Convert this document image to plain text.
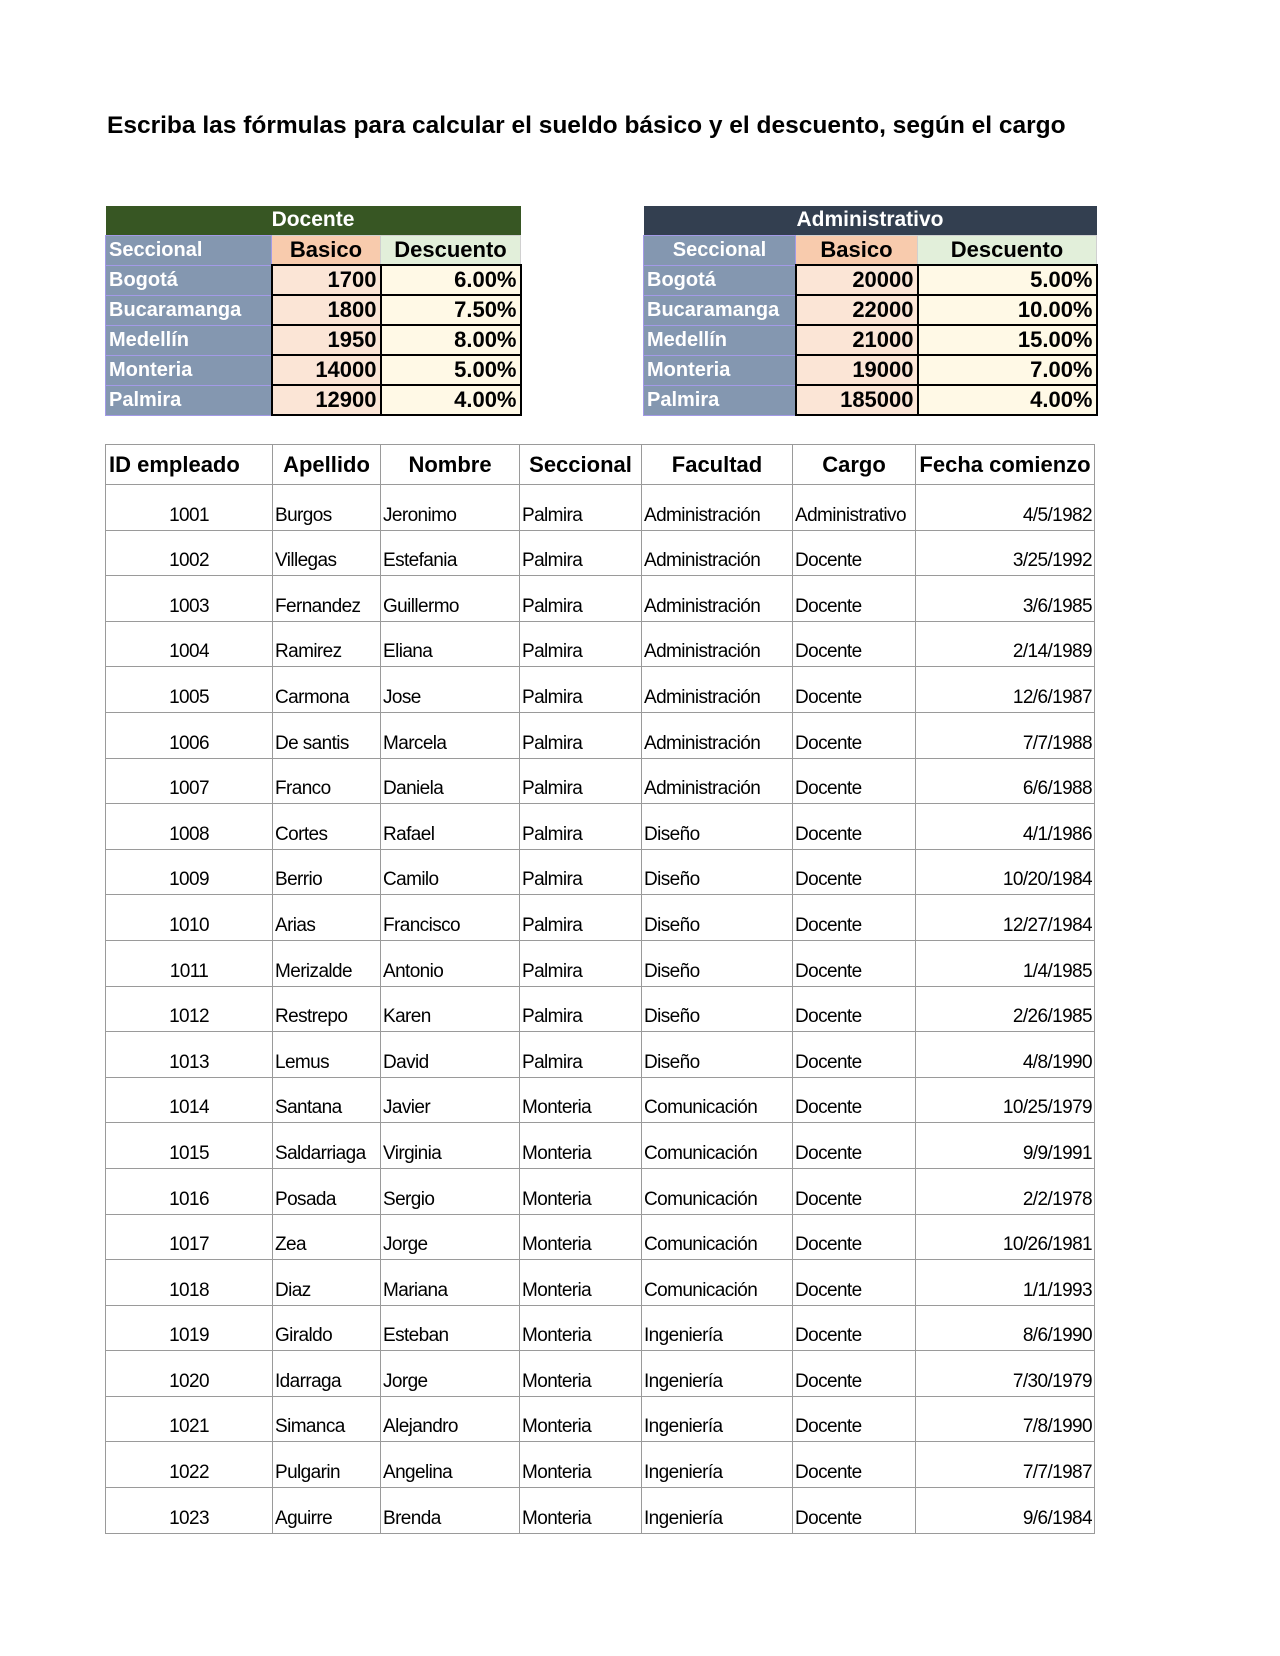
Escriba las fórmulas para calcular el sueldo básico y el descuento, según el cargo
Docente		
Seccional	Basico	Descuento
Bogotá	1700	6.00%
Bucaramanga	1800	7.50%
Medellín	1950	8.00%
Monteria	14000	5.00%
Palmira	12900	4.00%
Administrativo		
Seccional	Basico	Descuento
Bogotá	20000	5.00%
Bucaramanga	22000	10.00%
Medellín	21000	15.00%
Monteria	19000	7.00%
Palmira	185000	4.00%
ID empleado	Apellido	Nombre	Seccional	Facultad	Cargo	Fecha comienzo
1001	Burgos	Jeronimo	Palmira	Administración	Administrativo	4/5/1982
1002	Villegas	Estefania	Palmira	Administración	Docente	3/25/1992
1003	Fernandez	Guillermo	Palmira	Administración	Docente	3/6/1985
1004	Ramirez	Eliana	Palmira	Administración	Docente	2/14/1989
1005	Carmona	Jose	Palmira	Administración	Docente	12/6/1987
1006	De santis	Marcela	Palmira	Administración	Docente	7/7/1988
1007	Franco	Daniela	Palmira	Administración	Docente	6/6/1988
1008	Cortes	Rafael	Palmira	Diseño	Docente	4/1/1986
1009	Berrio	Camilo	Palmira	Diseño	Docente	10/20/1984
1010	Arias	Francisco	Palmira	Diseño	Docente	12/27/1984
1011	Merizalde	Antonio	Palmira	Diseño	Docente	1/4/1985
1012	Restrepo	Karen	Palmira	Diseño	Docente	2/26/1985
1013	Lemus	David	Palmira	Diseño	Docente	4/8/1990
1014	Santana	Javier	Monteria	Comunicación	Docente	10/25/1979
1015	Saldarriaga	Virginia	Monteria	Comunicación	Docente	9/9/1991
1016	Posada	Sergio	Monteria	Comunicación	Docente	2/2/1978
1017	Zea	Jorge	Monteria	Comunicación	Docente	10/26/1981
1018	Diaz	Mariana	Monteria	Comunicación	Docente	1/1/1993
1019	Giraldo	Esteban	Monteria	Ingeniería	Docente	8/6/1990
1020	Idarraga	Jorge	Monteria	Ingeniería	Docente	7/30/1979
1021	Simanca	Alejandro	Monteria	Ingeniería	Docente	7/8/1990
1022	Pulgarin	Angelina	Monteria	Ingeniería	Docente	7/7/1987
1023	Aguirre	Brenda	Monteria	Ingeniería	Docente	9/6/1984
